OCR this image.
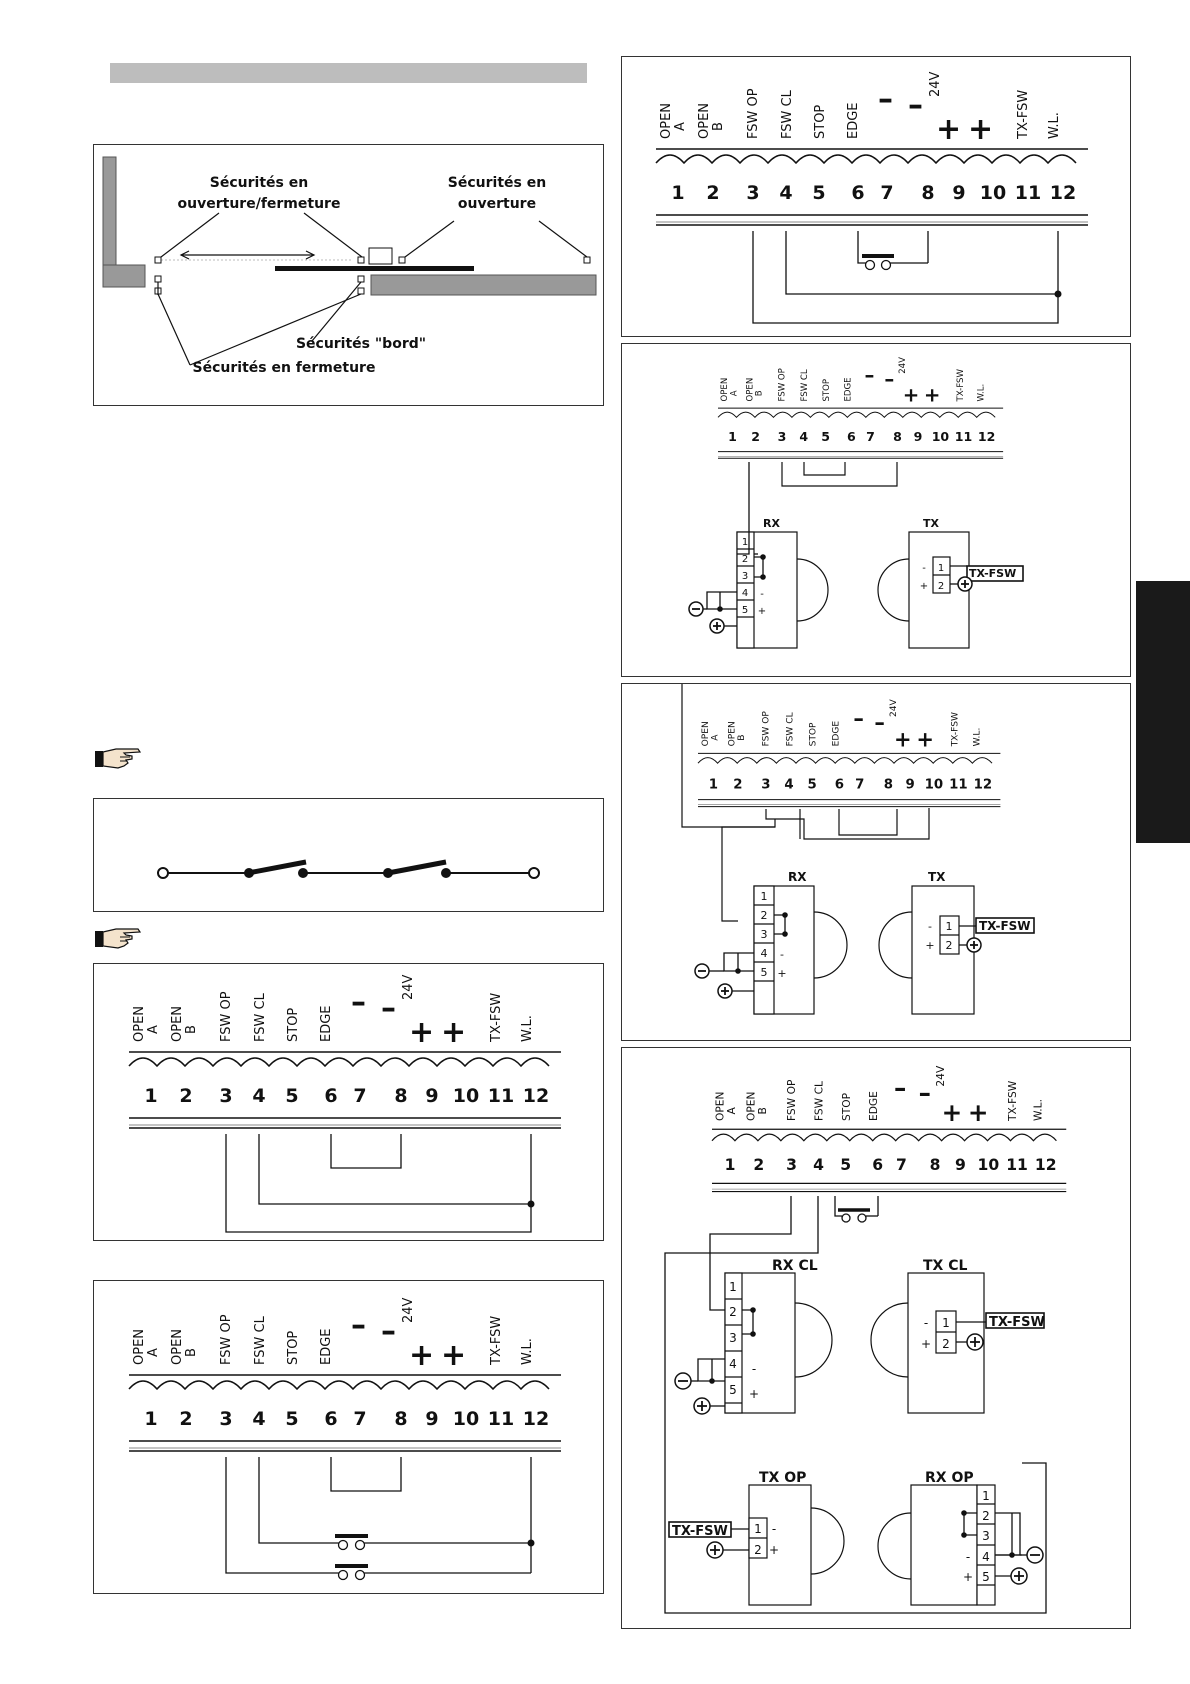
Sécurités en
ouverture/fermeture
Sécurités en
ouverture
Sécurités "bord"
Sécurités en fermeture
RX	TX
TX-FSW
1
2
3
4
5
1
2
-
+
-
+
RX	TX
TX-FSW
1
2
3
4
5
1
2
-
+
-
+
RX CL	TX CL
TX OP	RX OP
TX-FSW
TX-FSW
1
2
3
4
5
1
2
1
2
1
2
3
4
5
-
+
-
+
-
+	-
+
